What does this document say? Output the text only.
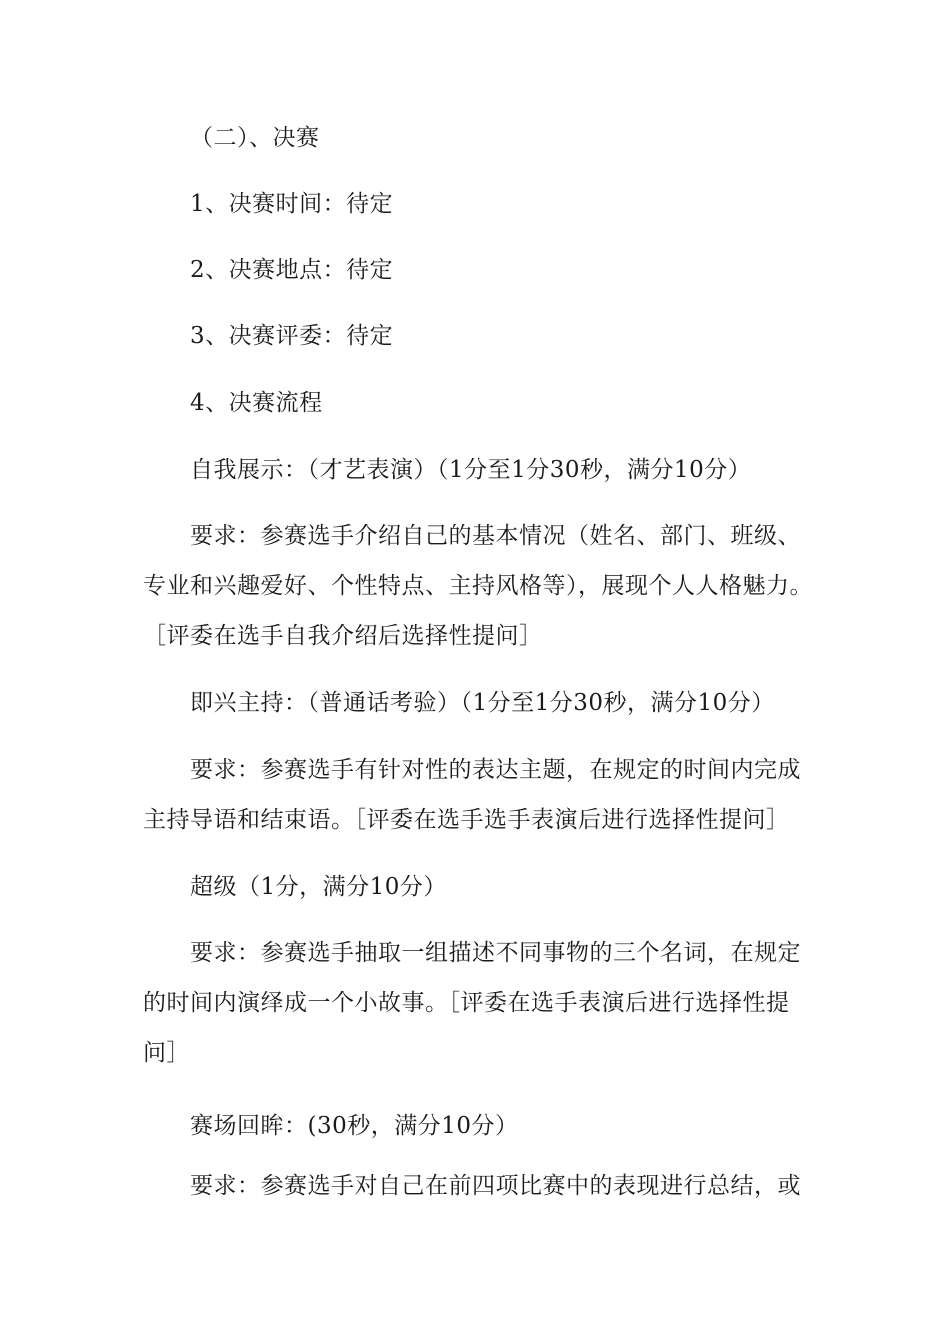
（二）、决赛
1、决赛时间：待定
2、决赛地点：待定
3、决赛评委：待定
4、决赛流程
自我展示：（才艺表演）（1分至1分30秒，满分10分）
要求：参赛选手介绍自己的基本情况（姓名、部门、班级、
专业和兴趣爱好、个性特点、主持风格等），展现个人人格魅力。
［评委在选手自我介绍后选择性提问］
即兴主持：（普通话考验）（1分至1分30秒，满分10分）
要求：参赛选手有针对性的表达主题，在规定的时间内完成
主持导语和结束语。［评委在选手选手表演后进行选择性提问］
超级（1分，满分10分）
要求：参赛选手抽取一组描述不同事物的三个名词，在规定
的时间内演绎成一个小故事。［评委在选手表演后进行选择性提
问］
赛场回眸：(30秒，满分10分）
要求：参赛选手对自己在前四项比赛中的表现进行总结，或
